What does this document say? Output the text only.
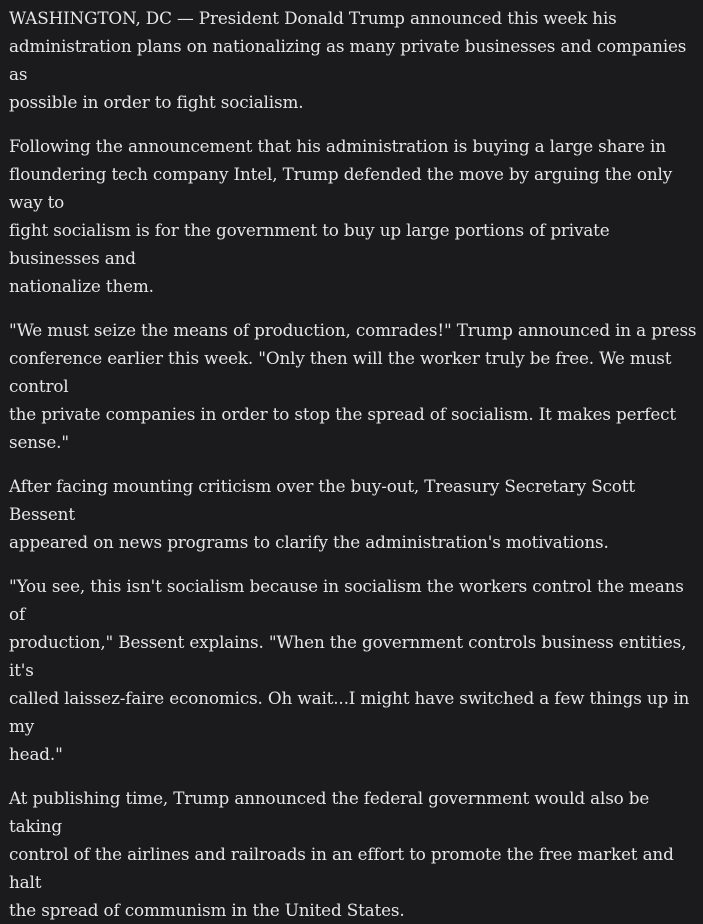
WASHINGTON, DC — President Donald Trump announced this week his
administration plans on nationalizing as many private businesses and companies as
possible in order to fight socialism.

Following the announcement that his administration is buying a large share in
floundering tech company Intel, Trump defended the move by arguing the only way to
fight socialism is for the government to buy up large portions of private businesses and
nationalize them.

"We must seize the means of production, comrades!" Trump announced in a press
conference earlier this week. "Only then will the worker truly be free. We must control
the private companies in order to stop the spread of socialism. It makes perfect sense."

After facing mounting criticism over the buy-out, Treasury Secretary Scott Bessent
appeared on news programs to clarify the administration's motivations.

"You see, this isn't socialism because in socialism the workers control the means of
production," Bessent explains. "When the government controls business entities, it's
called laissez-faire economics. Oh wait...I might have switched a few things up in my
head."

At publishing time, Trump announced the federal government would also be taking
control of the airlines and railroads in an effort to promote the free market and halt
the spread of communism in the United States.
